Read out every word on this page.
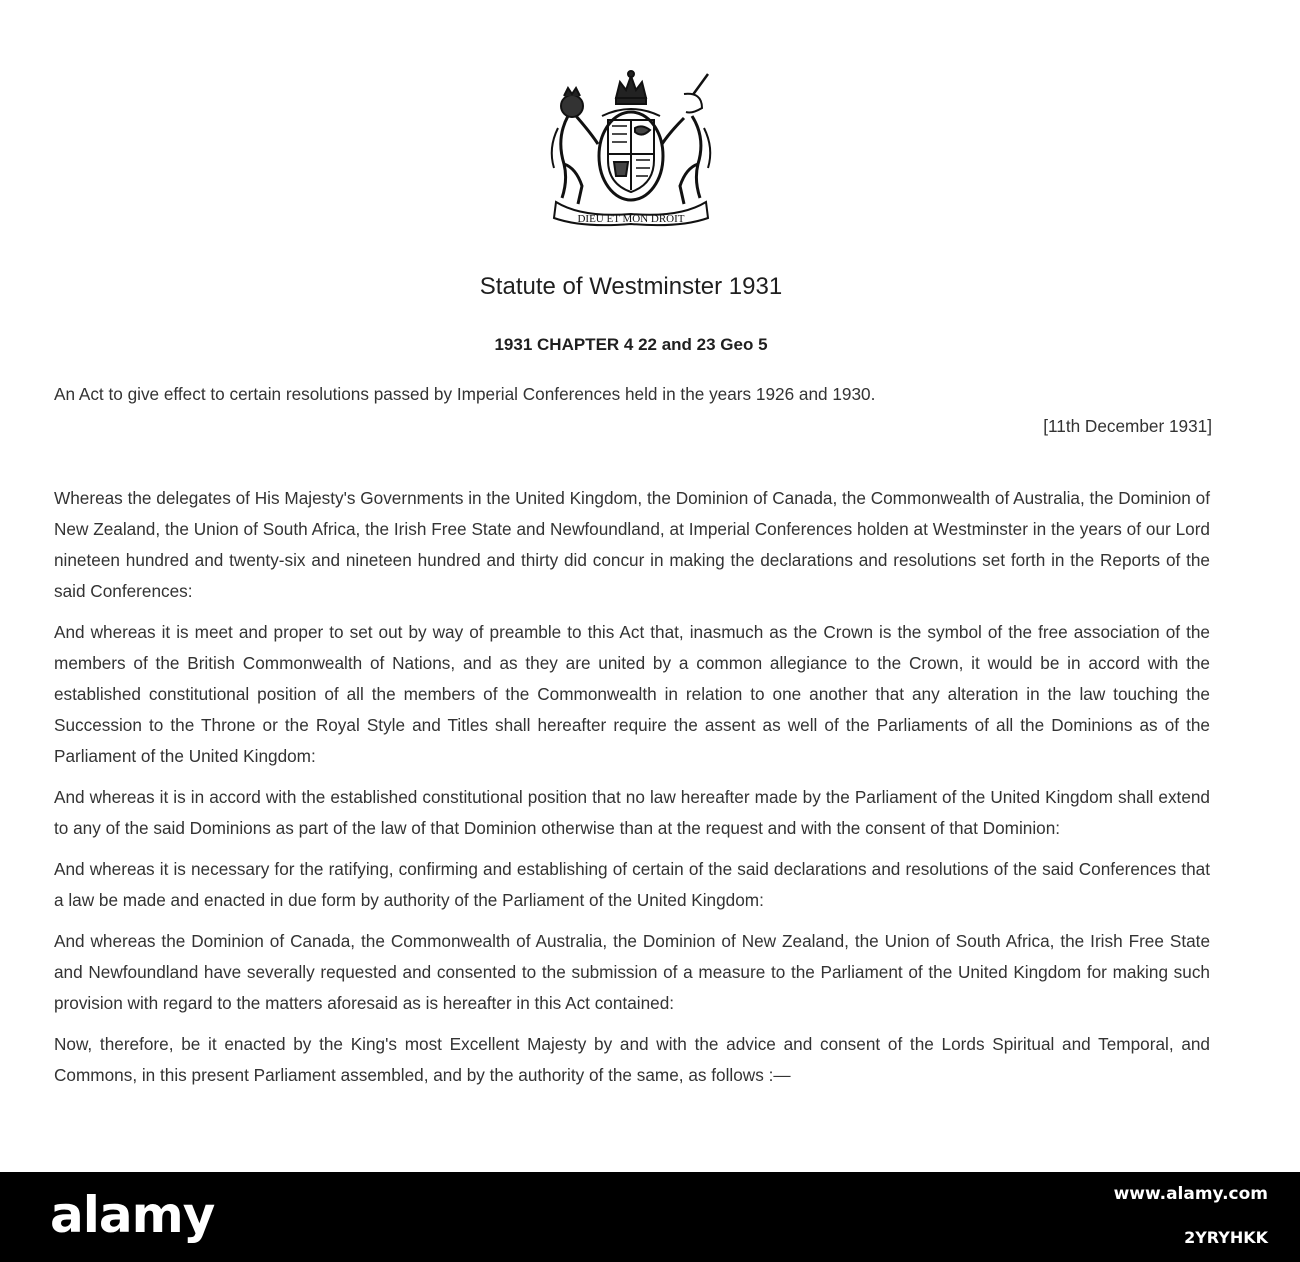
DIEU ET MON DROIT
Statute of Westminster 1931
1931 CHAPTER 4 22 and 23 Geo 5
An Act to give effect to certain resolutions passed by Imperial Conferences held in the years 1926 and 1930.
[11th December 1931]

Whereas the delegates of His Majesty's Governments in the United Kingdom, the Dominion of Canada, the Commonwealth of Australia, the Dominion of New Zealand, the Union of South Africa, the Irish Free State and Newfoundland, at Imperial Conferences holden at Westminster in the years of our Lord nineteen hundred and twenty-six and nineteen hundred and thirty did concur in making the declarations and resolutions set forth in the Reports of the said Conferences:

And whereas it is meet and proper to set out by way of preamble to this Act that, inasmuch as the Crown is the symbol of the free association of the members of the British Commonwealth of Nations, and as they are united by a common allegiance to the Crown, it would be in accord with the established constitutional position of all the members of the Commonwealth in relation to one another that any alteration in the law touching the Succession to the Throne or the Royal Style and Titles shall hereafter require the assent as well of the Parliaments of all the Dominions as of the Parliament of the United Kingdom:

And whereas it is in accord with the established constitutional position that no law hereafter made by the Parliament of the United Kingdom shall extend to any of the said Dominions as part of the law of that Dominion otherwise than at the request and with the consent of that Dominion:

And whereas it is necessary for the ratifying, confirming and establishing of certain of the said declarations and resolutions of the said Conferences that a law be made and enacted in due form by authority of the Parliament of the United Kingdom:

And whereas the Dominion of Canada, the Commonwealth of Australia, the Dominion of New Zealand, the Union of South Africa, the Irish Free State and Newfoundland have severally requested and consented to the submission of a measure to the Parliament of the United Kingdom for making such provision with regard to the matters aforesaid as is hereafter in this Act contained:

Now, therefore, be it enacted by the King's most Excellent Majesty by and with the advice and consent of the Lords Spiritual and Temporal, and Commons, in this present Parliament assembled, and by the authority of the same, as follows :—

alamy	www.alamy.com
2YRYHKK
